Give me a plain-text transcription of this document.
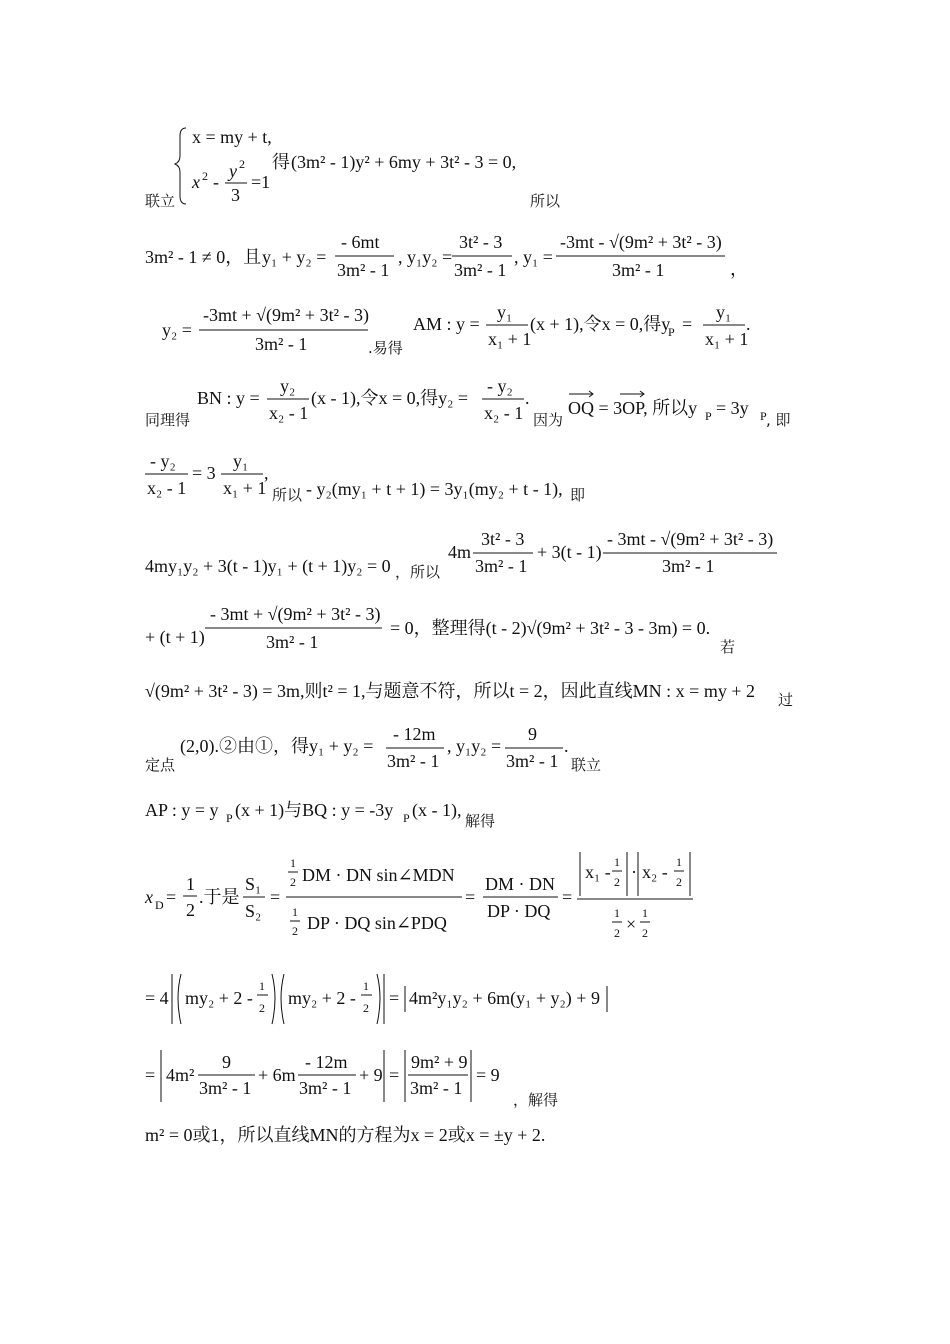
联立
x = my + t,
x 2 -
y 2
3
=1
得 (3m² - 1)y² + 6my + 3t² - 3 = 0,
所以
3m² - 1 ≠ 0，且 y₁ + y₂ =
- 6mt
3m² - 1
, y₁y₂ =
3t² - 3
3m² - 1
, y₁ =
-3mt - √(9m² + 3t² - 3)
3m² - 1	，
y₂ =
-3mt + √(9m² + 3t² - 3)
3m² - 1	.易得
AM : y =
y₁
x₁ + 1
(x + 1),令x = 0,得y
P =
y₁
x₁ + 1
.
同理得
BN : y =
y₂
x₂ - 1
(x - 1),令x = 0,得y₂ =
- y₂
x₂ - 1
.
因为
OQ = 3OP, 所以y P = 3y P , 即
- y₂
x₂ - 1
= 3
y₁
x₁ + 1
,
所以 - y₂(my₁ + t + 1) = 3y₁(my₂ + t - 1), 即
4my₁y₂ + 3(t - 1)y₁ + (t + 1)y₂ = 0 ，所以
4m
3t² - 3
3m² - 1
+ 3(t - 1)
- 3mt - √(9m² + 3t² - 3)
3m² - 1
+ (t + 1)
- 3mt + √(9m² + 3t² - 3)
3m² - 1
= 0，整理得(t - 2)√(9m² + 3t² - 3 - 3m) = 0.
若
√(9m² + 3t² - 3) = 3m,则t² = 1,与题意不符，所以t = 2，因此直线MN : x = my + 2 过
定点
(2,0).②由①，得y₁ + y₂ =
- 12m
3m² - 1
, y₁y₂ =
9
3m² - 1
.
联立
AP : y = y P (x + 1)与BQ : y = -3y P (x - 1),
解得
x D =
1
2
.于是
S₁
S₂
=
1
2 DM · DN sin∠MDN
1
2 DP · DQ sin∠PDQ
=
DM · DN
DP · DQ
=
x₁ - 1
2 · x₂ - 1
2
1
2 ×
1
2
= 4 my₂ + 2 -
1
2 my₂ + 2 -
1
2 = 4m²y₁y₂ + 6m(y₁ + y₂) + 9
= 4m²
9
3m² - 1
+ 6m
- 12m
3m² - 1
+ 9 =
9m² + 9
3m² - 1
= 9
，解得
m² = 0或1，所以直线MN的方程为x = 2或x = ±y + 2.
